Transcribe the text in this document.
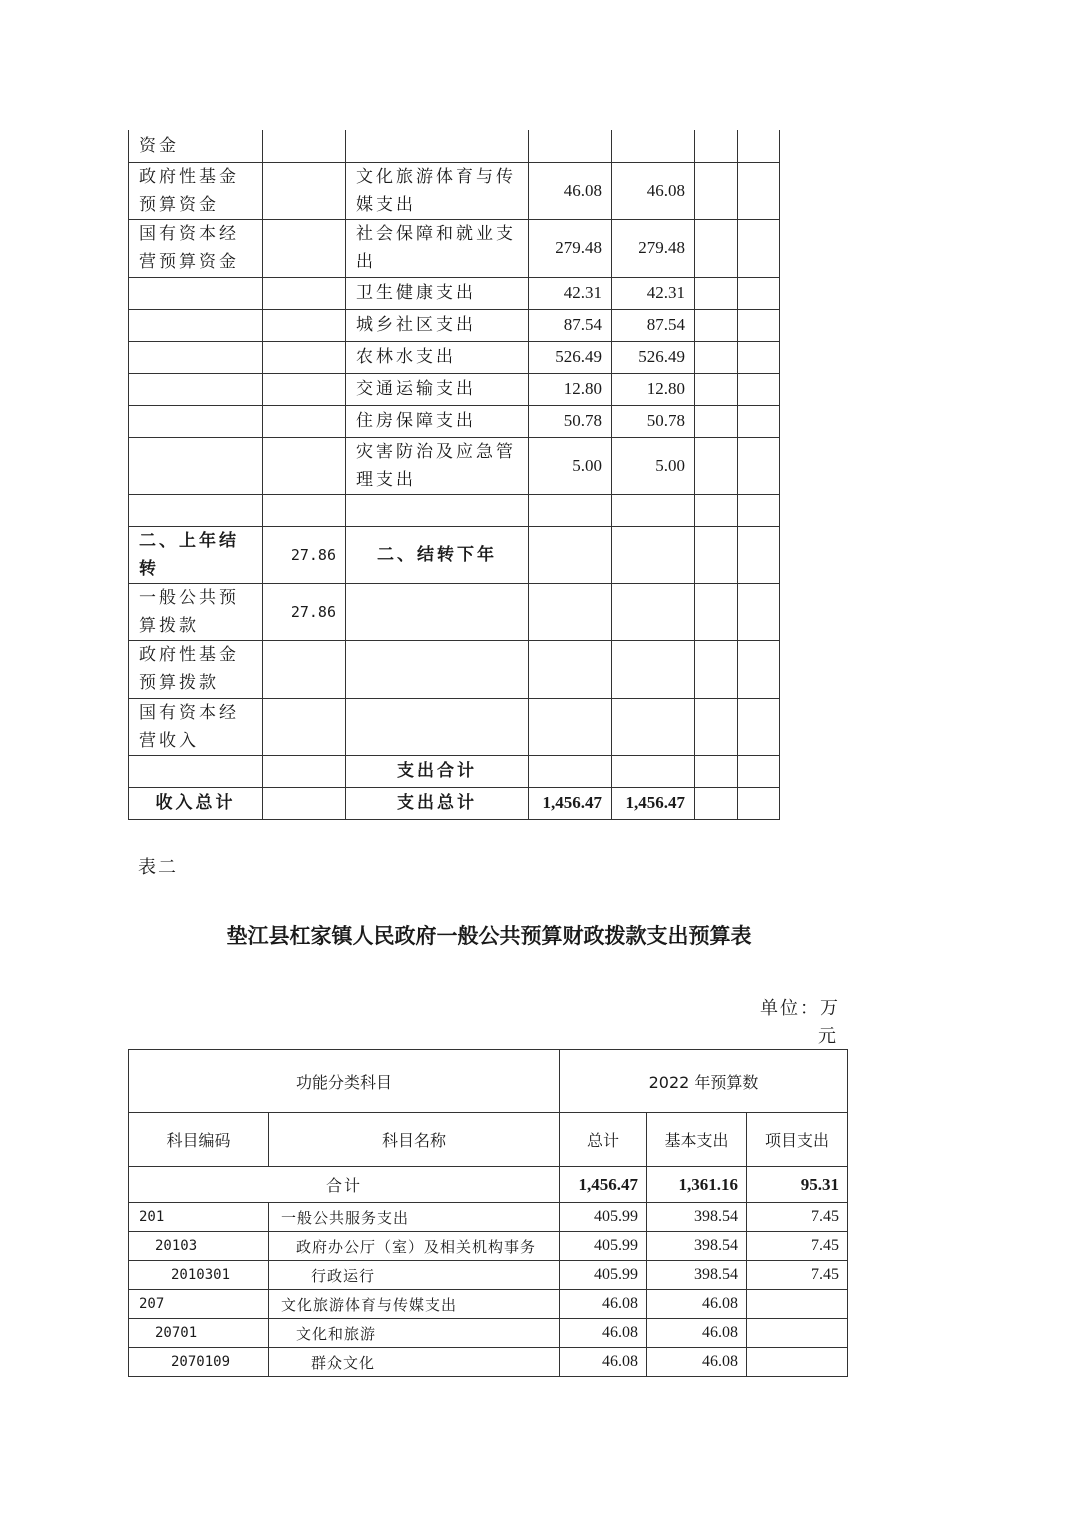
资金						
政府性基金预算资金		文化旅游体育与传媒支出	46.08	46.08		
国有资本经营预算资金		社会保障和就业支出	279.48	279.48		
		卫生健康支出	42.31	42.31		
		城乡社区支出	87.54	87.54		
		农林水支出	526.49	526.49		
		交通运输支出	12.80	12.80		
		住房保障支出	50.78	50.78		
		灾害防治及应急管理支出	5.00	5.00		

二、上年结转	27.86	二、结转下年				
一般公共预算拨款	27.86					
政府性基金预算拨款						
国有资本经营收入						
		支出合计				
收入总计		支出总计	1,456.47	1,456.47		
表二
垫江县杠家镇人民政府一般公共预算财政拨款支出预算表
单位：万
元
功能分类科目		2022 年预算数		
科目编码	科目名称	总计	基本支出	项目支出
合计		1,456.47	1,361.16	95.31
201	一般公共服务支出	405.99	398.54	7.45
20103	政府办公厅（室）及相关机构事务	405.99	398.54	7.45
2010301	行政运行	405.99	398.54	7.45
207	文化旅游体育与传媒支出	46.08	46.08	
20701	文化和旅游	46.08	46.08	
2070109	群众文化	46.08	46.08	
